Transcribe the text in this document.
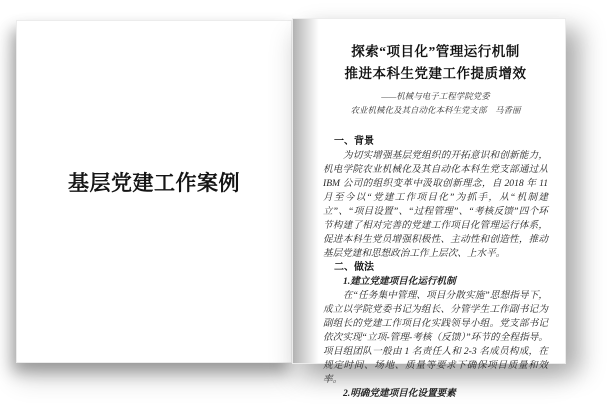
基层党建工作案例
探索“项目化”管理运行机制
推进本科生党建工作提质增效
——机械与电子工程学院党委
农业机械化及其自动化本科生党支部　马香丽
一、背景

为切实增强基层党组织的开拓意识和创新能力，机电学院农业机械化及其自动化本科生党支部通过从 IBM 公司的组织变革中汲取创新理念，自 2018 年 11 月至今以“党建工作项目化”为抓手，从“机制建立”、“项目设置”、“过程管理”、“考核反馈”四个环节构建了相对完善的党建工作项目化管理运行体系，促进本科生党员增强积极性、主动性和创造性，推动基层党建和思想政治工作上层次、上水平。

二、做法
1.建立党建项目化运行机制

在“任务集中管理、项目分散实施”思想指导下，成立以学院党委书记为组长、分管学生工作副书记为副组长的党建工作项目化实践领导小组。党支部书记依次实现“立项-管理-考核（反馈）”环节的全程指导。项目组团队一般由 1 名责任人和 2-3 名成员构成，在规定时间、场地、质量等要求下确保项目质量和效率。

2.明确党建项目化设置要素
